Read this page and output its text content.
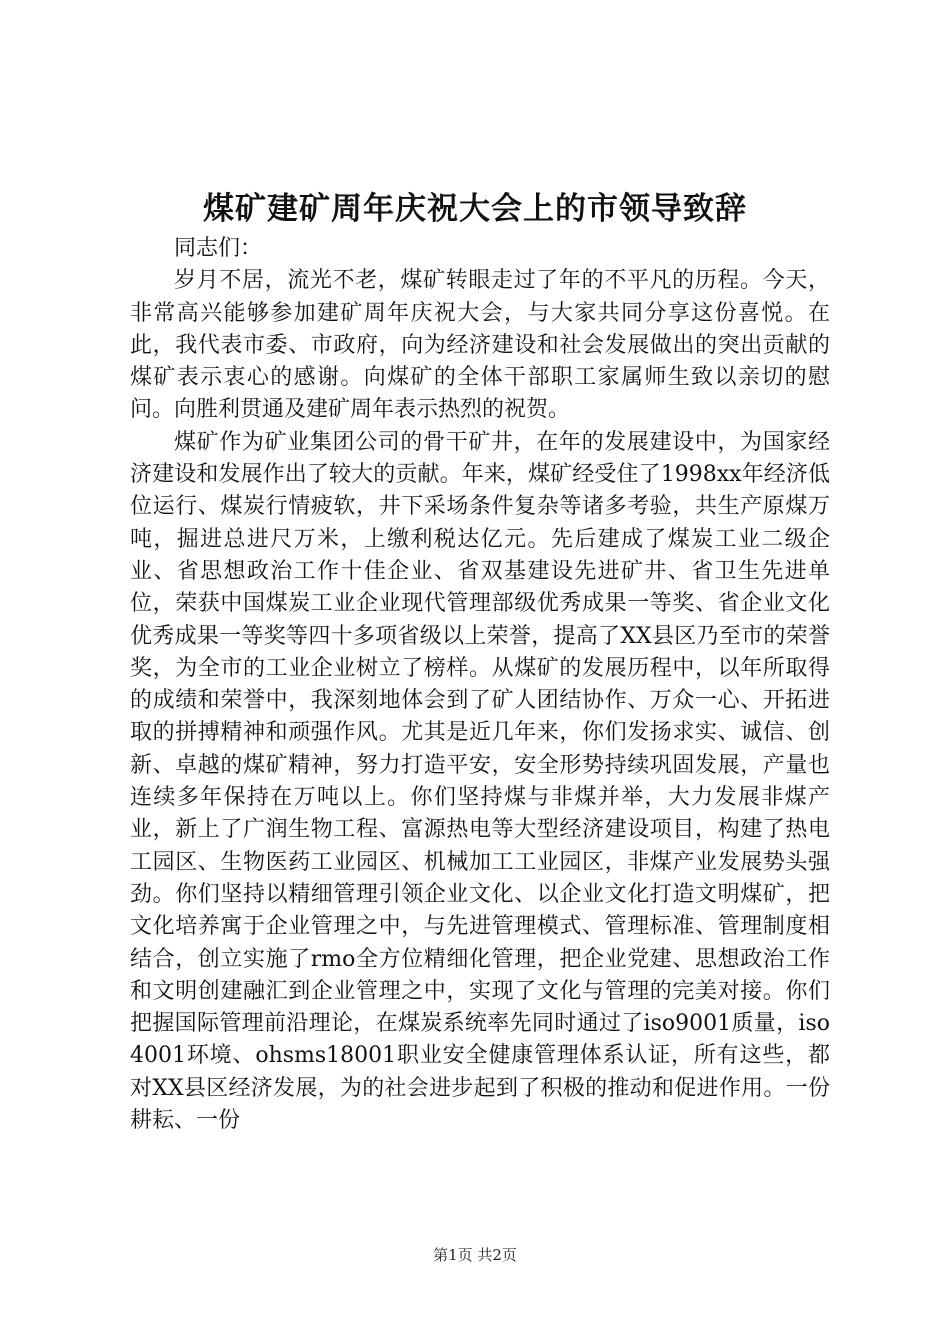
煤矿建矿周年庆祝大会上的市领导致辞

同志们：

岁月不居，流光不老，煤矿转眼走过了年的不平凡的历程。今天，非常高兴能够参加建矿周年庆祝大会，与大家共同分享这份喜悦。在此，我代表市委、市政府，向为经济建设和社会发展做出的突出贡献的煤矿表示衷心的感谢。向煤矿的全体干部职工家属师生致以亲切的慰问。向胜利贯通及建矿周年表示热烈的祝贺。

煤矿作为矿业集团公司的骨干矿井，在年的发展建设中，为国家经济建设和发展作出了较大的贡献。年来，煤矿经受住了1998xx年经济低位运行、煤炭行情疲软，井下采场条件复杂等诸多考验，共生产原煤万吨，掘进总进尺万米，上缴利税达亿元。先后建成了煤炭工业二级企业、省思想政治工作十佳企业、省双基建设先进矿井、省卫生先进单位，荣获中国煤炭工业企业现代管理部级优秀成果一等奖、省企业文化优秀成果一等奖等四十多项省级以上荣誉，提高了XX县区乃至市的荣誉奖，为全市的工业企业树立了榜样。从煤矿的发展历程中，以年所取得的成绩和荣誉中，我深刻地体会到了矿人团结协作、万众一心、开拓进取的拼搏精神和顽强作风。尤其是近几年来，你们发扬求实、诚信、创新、卓越的煤矿精神，努力打造平安，安全形势持续巩固发展，产量也连续多年保持在万吨以上。你们坚持煤与非煤并举，大力发展非煤产业，新上了广润生物工程、富源热电等大型经济建设项目，构建了热电工园区、生物医药工业园区、机械加工工业园区，非煤产业发展势头强劲。你们坚持以精细管理引领企业文化、以企业文化打造文明煤矿，把文化培养寓于企业管理之中，与先进管理模式、管理标准、管理制度相结合，创立实施了rmo全方位精细化管理，把企业党建、思想政治工作和文明创建融汇到企业管理之中，实现了文化与管理的完美对接。你们把握国际管理前沿理论，在煤炭系统率先同时通过了iso9001质量，iso4001环境、ohsms18001职业安全健康管理体系认证，所有这些，都对XX县区经济发展，为的社会进步起到了积极的推动和促进作用。一份耕耘、一份

第1页 共2页
